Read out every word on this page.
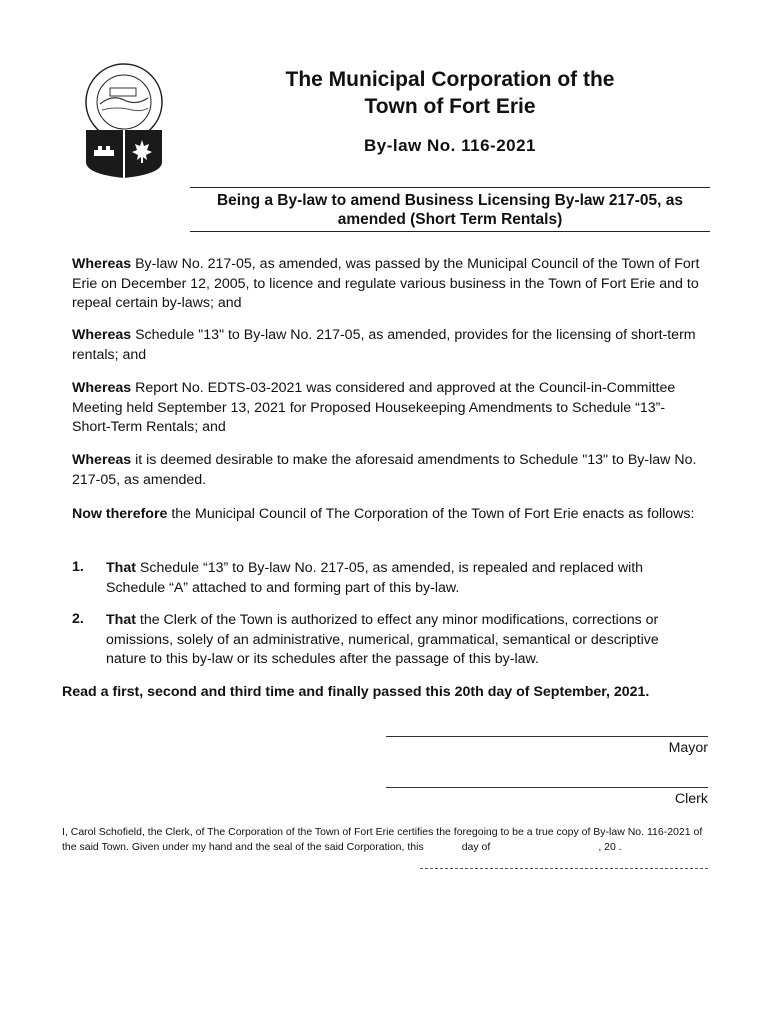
The Municipal Corporation of the
Town of Fort Erie
By-law No. 116-2021
Being a By-law to amend Business Licensing By-law 217-05, as amended (Short Term Rentals)
Whereas By-law No. 217-05, as amended, was passed by the Municipal Council of the Town of Fort Erie on December 12, 2005, to licence and regulate various business in the Town of Fort Erie and to repeal certain by-laws; and
Whereas Schedule "13" to By-law No. 217-05, as amended, provides for the licensing of short-term rentals; and
Whereas Report No. EDTS-03-2021 was considered and approved at the Council-in-Committee Meeting held September 13, 2021 for Proposed Housekeeping Amendments to Schedule “13”- Short-Term Rentals; and
Whereas it is deemed desirable to make the aforesaid amendments to Schedule "13" to By-law No. 217-05, as amended.
Now therefore the Municipal Council of The Corporation of the Town of Fort Erie enacts as follows:
1. That Schedule “13” to By-law No. 217-05, as amended, is repealed and replaced with Schedule “A” attached to and forming part of this by-law.
2. That the Clerk of the Town is authorized to effect any minor modifications, corrections or omissions, solely of an administrative, numerical, grammatical, semantical or descriptive nature to this by-law or its schedules after the passage of this by-law.
Read a first, second and third time and finally passed this 20th day of September, 2021.
Mayor
Clerk
I, Carol Schofield, the Clerk, of The Corporation of the Town of Fort Erie certifies the foregoing to be a true copy of By-law No. 116-2021 of the said Town. Given under my hand and the seal of the said Corporation, this	day of	, 20 .
